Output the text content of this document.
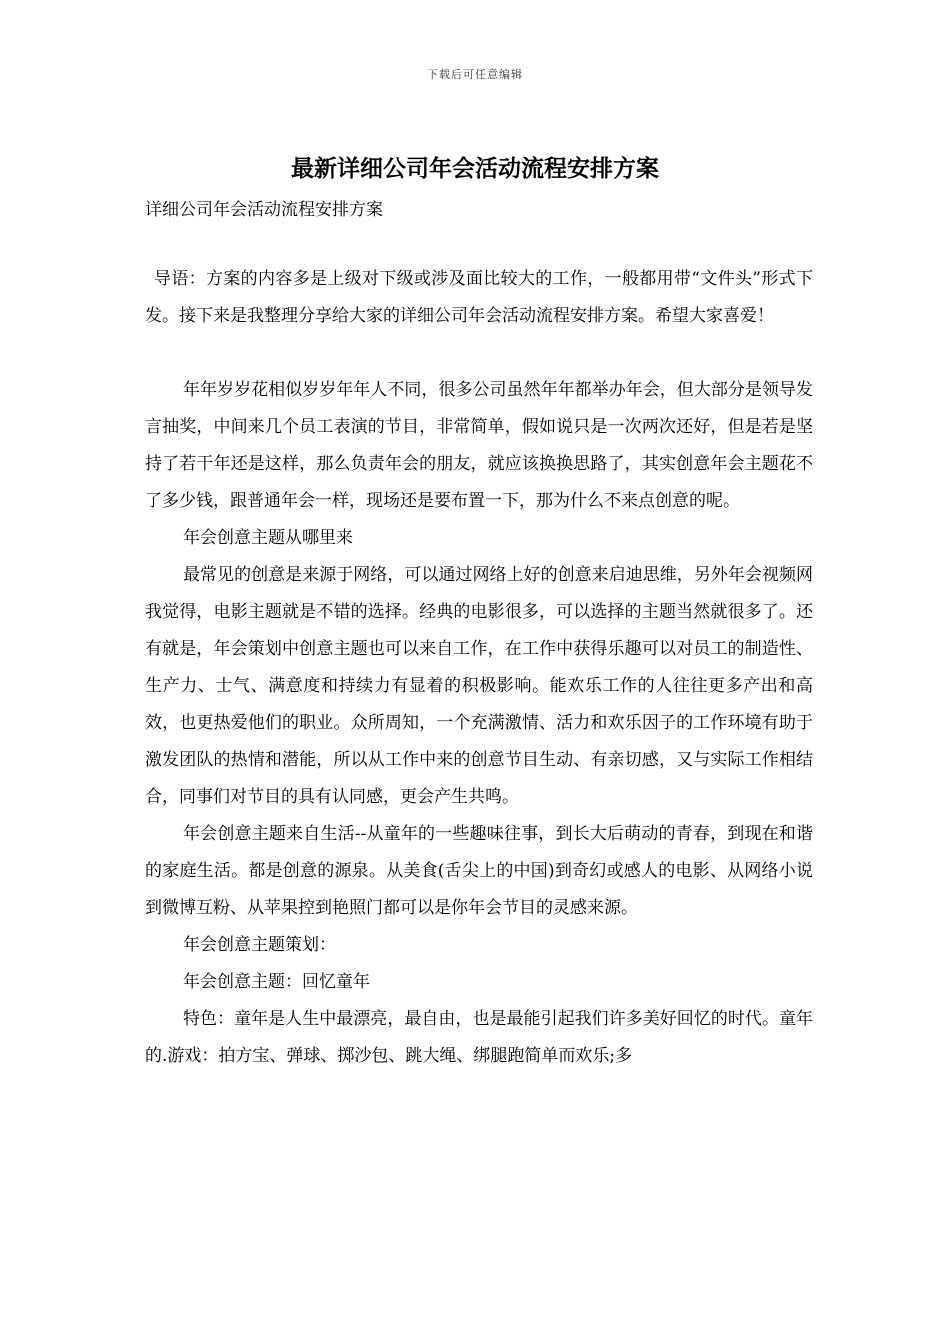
下载后可任意编辑
最新详细公司年会活动流程安排方案

详细公司年会活动流程安排方案

导语：方案的内容多是上级对下级或涉及面比较大的工作，一般都用带“文件头”形式下发。接下来是我整理分享给大家的详细公司年会活动流程安排方案。希望大家喜爱！

年年岁岁花相似岁岁年年人不同，很多公司虽然年年都举办年会，但大部分是领导发言抽奖，中间来几个员工表演的节目，非常简单，假如说只是一次两次还好，但是若是坚持了若干年还是这样，那么负责年会的朋友，就应该换换思路了，其实创意年会主题花不了多少钱，跟普通年会一样，现场还是要布置一下，那为什么不来点创意的呢。

年会创意主题从哪里来

最常见的创意是来源于网络，可以通过网络上好的创意来启迪思维，另外年会视频网我觉得，电影主题就是不错的选择。经典的电影很多，可以选择的主题当然就很多了。还有就是，年会策划中创意主题也可以来自工作，在工作中获得乐趣可以对员工的制造性、生产力、士气、满意度和持续力有显着的积极影响。能欢乐工作的人往往更多产出和高效，也更热爱他们的职业。众所周知，一个充满激情、活力和欢乐因子的工作环境有助于激发团队的热情和潜能，所以从工作中来的创意节目生动、有亲切感，又与实际工作相结合，同事们对节目的具有认同感，更会产生共鸣。

年会创意主题来自生活--从童年的一些趣味往事，到长大后萌动的青春，到现在和谐的家庭生活。都是创意的源泉。从美食(舌尖上的中国)到奇幻或感人的电影、从网络小说到微博互粉、从苹果控到艳照门都可以是你年会节目的灵感来源。

年会创意主题策划：

年会创意主题：回忆童年

特色：童年是人生中最漂亮，最自由，也是最能引起我们许多美好回忆的时代。童年的.游戏：拍方宝、弹球、掷沙包、跳大绳、绑腿跑简单而欢乐;多
